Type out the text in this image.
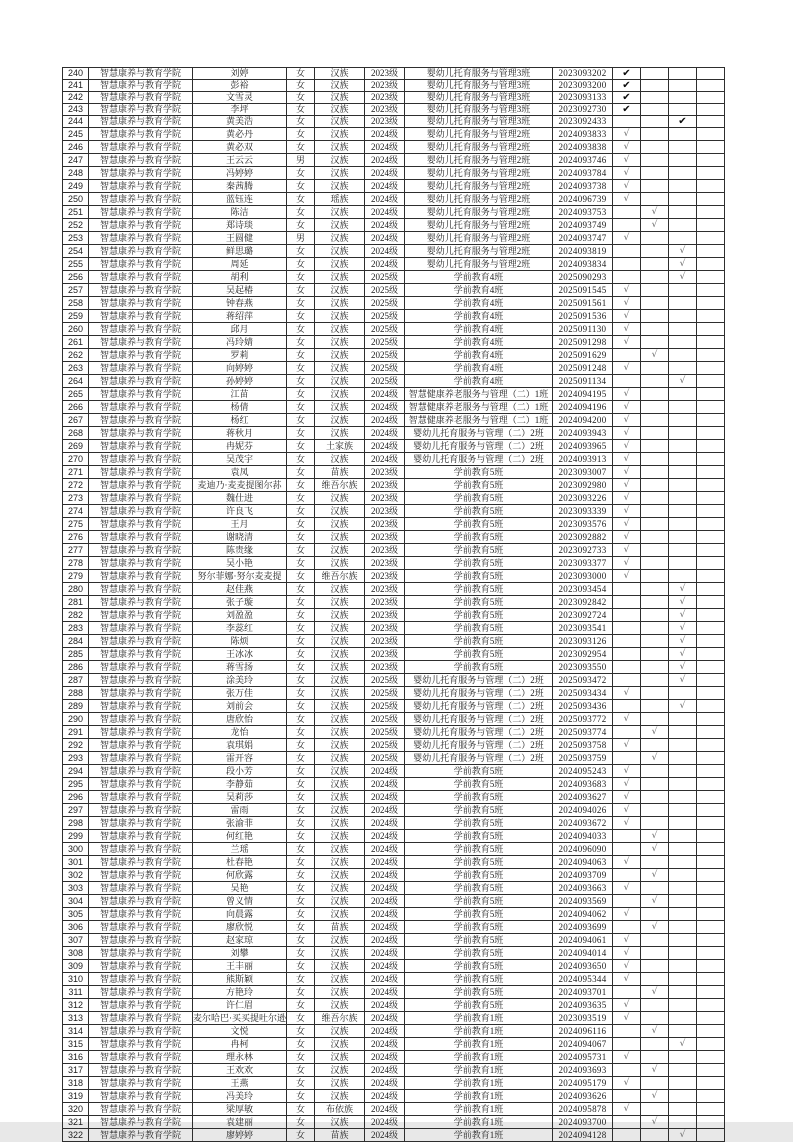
240	智慧康养与教育学院	刘婷	女	汉族	2023级	婴幼儿托育服务与管理3班	2023093202	✔			
241	智慧康养与教育学院	彭裕	女	汉族	2023级	婴幼儿托育服务与管理3班	2023093200	✔			
242	智慧康养与教育学院	文雪灵	女	汉族	2023级	婴幼儿托育服务与管理3班	2023093133	✔			
243	智慧康养与教育学院	李坪	女	汉族	2023级	婴幼儿托育服务与管理3班	2023092730	✔			
244	智慧康养与教育学院	黄美浩	女	汉族	2023级	婴幼儿托育服务与管理3班	2023092433			✔	
245	智慧康养与教育学院	黄必丹	女	汉族	2024级	婴幼儿托育服务与管理2班	2024093833	√			
246	智慧康养与教育学院	黄必双	女	汉族	2024级	婴幼儿托育服务与管理2班	2024093838	√			
247	智慧康养与教育学院	王云云	男	汉族	2024级	婴幼儿托育服务与管理2班	2024093746	√			
248	智慧康养与教育学院	冯婷婷	女	汉族	2024级	婴幼儿托育服务与管理2班	2024093784	√			
249	智慧康养与教育学院	秦茜腾	女	汉族	2024级	婴幼儿托育服务与管理2班	2024093738	√			
250	智慧康养与教育学院	蓝钰连	女	瑶族	2024级	婴幼儿托育服务与管理2班	2024096739	√			
251	智慧康养与教育学院	陈洁	女	汉族	2024级	婴幼儿托育服务与管理2班	2024093753		√		
252	智慧康养与教育学院	郑诗琰	女	汉族	2024级	婴幼儿托育服务与管理2班	2024093749		√		
253	智慧康养与教育学院	王圆健	男	汉族	2024级	婴幼儿托育服务与管理2班	2024093747	√			
254	智慧康养与教育学院	鲜思璐	女	汉族	2024级	婴幼儿托育服务与管理2班	2024093819			√	
255	智慧康养与教育学院	周延	女	汉族	2024级	婴幼儿托育服务与管理2班	2024093834			√	
256	智慧康养与教育学院	胡利	女	汉族	2025级	学前教育4班	2025090293			√	
257	智慧康养与教育学院	吴起椿	女	汉族	2025级	学前教育4班	2025091545	√			
258	智慧康养与教育学院	钟春燕	女	汉族	2025级	学前教育4班	2025091561	√			
259	智慧康养与教育学院	蒋绍萍	女	汉族	2025级	学前教育4班	2025091536	√			
260	智慧康养与教育学院	邱月	女	汉族	2025级	学前教育4班	2025091130	√			
261	智慧康养与教育学院	冯玲婧	女	汉族	2025级	学前教育4班	2025091298	√			
262	智慧康养与教育学院	罗莉	女	汉族	2025级	学前教育4班	2025091629		√		
263	智慧康养与教育学院	向婷婷	女	汉族	2025级	学前教育4班	2025091248	√			
264	智慧康养与教育学院	孙婷婷	女	汉族	2025级	学前教育4班	2025091134			√	
265	智慧康养与教育学院	江苗	女	汉族	2024级	智慧健康养老服务与管理（二）1班	2024094195	√			
266	智慧康养与教育学院	杨倩	女	汉族	2024级	智慧健康养老服务与管理（二）1班	2024094196	√			
267	智慧康养与教育学院	杨红	女	汉族	2024级	智慧健康养老服务与管理（二）1班	2024094200	√			
268	智慧康养与教育学院	蒋秋月	女	汉族	2024级	婴幼儿托育服务与管理（二）2班	2024093943	√			
269	智慧康养与教育学院	冉妮芬	女	土家族	2024级	婴幼儿托育服务与管理（二）2班	2024093965	√			
270	智慧康养与教育学院	吴茂宇	女	汉族	2024级	婴幼儿托育服务与管理（二）2班	2024093913	√			
271	智慧康养与教育学院	袁凤	女	苗族	2023级	学前教育5班	2023093007	√			
272	智慧康养与教育学院	麦迪乃·麦麦提图尔荪	女	维吾尔族	2023级	学前教育5班	2023092980	√			
273	智慧康养与教育学院	魏仕进	女	汉族	2023级	学前教育5班	2023093226	√			
274	智慧康养与教育学院	许良飞	女	汉族	2023级	学前教育5班	2023093339	√			
275	智慧康养与教育学院	王月	女	汉族	2023级	学前教育5班	2023093576	√			
276	智慧康养与教育学院	谢晓清	女	汉族	2023级	学前教育5班	2023092882	√			
277	智慧康养与教育学院	陈贵缘	女	汉族	2023级	学前教育5班	2023092733	√			
278	智慧康养与教育学院	吴小艳	女	汉族	2023级	学前教育5班	2023093377	√			
279	智慧康养与教育学院	努尔菲娜·努尔麦麦提	女	维吾尔族	2023级	学前教育5班	2023093000	√			
280	智慧康养与教育学院	赵佳燕	女	汉族	2023级	学前教育5班	2023093454			√	
281	智慧康养与教育学院	张子璇	女	汉族	2023级	学前教育5班	2023092842			√	
282	智慧康养与教育学院	刘盈盈	女	汉族	2023级	学前教育5班	2023092724			√	
283	智慧康养与教育学院	李蕊红	女	汉族	2023级	学前教育5班	2023093541			√	
284	智慧康养与教育学院	陈烦	女	汉族	2023级	学前教育5班	2023093126			√	
285	智慧康养与教育学院	王冰冰	女	汉族	2023级	学前教育5班	2023092954			√	
286	智慧康养与教育学院	蒋雪扬	女	汉族	2023级	学前教育5班	2023093550			√	
287	智慧康养与教育学院	涂美玲	女	汉族	2025级	婴幼儿托育服务与管理（二）2班	2025093472			√	
288	智慧康养与教育学院	张万佳	女	汉族	2025级	婴幼儿托育服务与管理（二）2班	2025093434	√			
289	智慧康养与教育学院	刘前会	女	汉族	2025级	婴幼儿托育服务与管理（二）2班	2025093436			√	
290	智慧康养与教育学院	唐欣怡	女	汉族	2025级	婴幼儿托育服务与管理（二）2班	2025093772	√			
291	智慧康养与教育学院	龙怡	女	汉族	2025级	婴幼儿托育服务与管理（二）2班	2025093774		√		
292	智慧康养与教育学院	袁琪娟	女	汉族	2025级	婴幼儿托育服务与管理（二）2班	2025093758	√			
293	智慧康养与教育学院	雷开容	女	汉族	2025级	婴幼儿托育服务与管理（二）2班	2025093759		√		
294	智慧康养与教育学院	段小芳	女	汉族	2024级	学前教育5班	2024095243	√			
295	智慧康养与教育学院	李静茹	女	汉族	2024级	学前教育5班	2024093683	√			
296	智慧康养与教育学院	吴莉莎	女	汉族	2024级	学前教育5班	2024093627	√			
297	智慧康养与教育学院	雷雨	女	汉族	2024级	学前教育5班	2024094026	√			
298	智慧康养与教育学院	张渝菲	女	汉族	2024级	学前教育5班	2024093672	√			
299	智慧康养与教育学院	何红艳	女	汉族	2024级	学前教育5班	2024094033		√		
300	智慧康养与教育学院	兰瑶	女	汉族	2024级	学前教育5班	2024096090		√		
301	智慧康养与教育学院	杜春艳	女	汉族	2024级	学前教育5班	2024094063	√			
302	智慧康养与教育学院	何欣露	女	汉族	2024级	学前教育5班	2024093709		√		
303	智慧康养与教育学院	吴艳	女	汉族	2024级	学前教育5班	2024093663	√			
304	智慧康养与教育学院	曾义情	女	汉族	2024级	学前教育5班	2024093569		√		
305	智慧康养与教育学院	向晨露	女	汉族	2024级	学前教育5班	2024094062	√			
306	智慧康养与教育学院	廖欣悦	女	苗族	2024级	学前教育5班	2024093699		√		
307	智慧康养与教育学院	赵家琼	女	汉族	2024级	学前教育5班	2024094061	√			
308	智慧康养与教育学院	刘攀	女	汉族	2024级	学前教育5班	2024094014	√			
309	智慧康养与教育学院	王丰丽	女	汉族	2024级	学前教育5班	2024093650	√			
310	智慧康养与教育学院	熊斯颖	女	汉族	2024级	学前教育5班	2024095344	√			
311	智慧康养与教育学院	方艳玲	女	汉族	2024级	学前教育5班	2024093701		√		
312	智慧康养与教育学院	许仁眉	女	汉族	2024级	学前教育5班	2024093635	√			
313	智慧康养与教育学院	麦尔哈巴·买买提吐尔逊	女	维吾尔族	2024级	学前教育1班	2023093519	√			
314	智慧康养与教育学院	文悦	女	汉族	2024级	学前教育1班	2024096116		√		
315	智慧康养与教育学院	冉柯	女	汉族	2024级	学前教育1班	2024094067			√	
316	智慧康养与教育学院	理永林	女	汉族	2024级	学前教育1班	2024095731	√			
317	智慧康养与教育学院	王欢欢	女	汉族	2024级	学前教育1班	2024093693		√		
318	智慧康养与教育学院	王燕	女	汉族	2024级	学前教育1班	2024095179	√			
319	智慧康养与教育学院	冯美玲	女	汉族	2024级	学前教育1班	2024093626		√		
320	智慧康养与教育学院	梁厚敏	女	布依族	2024级	学前教育1班	2024095878	√			
321	智慧康养与教育学院	袁建丽	女	汉族	2024级	学前教育1班	2024093700		√		
322	智慧康养与教育学院	廖婷婷	女	苗族	2024级	学前教育1班	2024094128			√	
